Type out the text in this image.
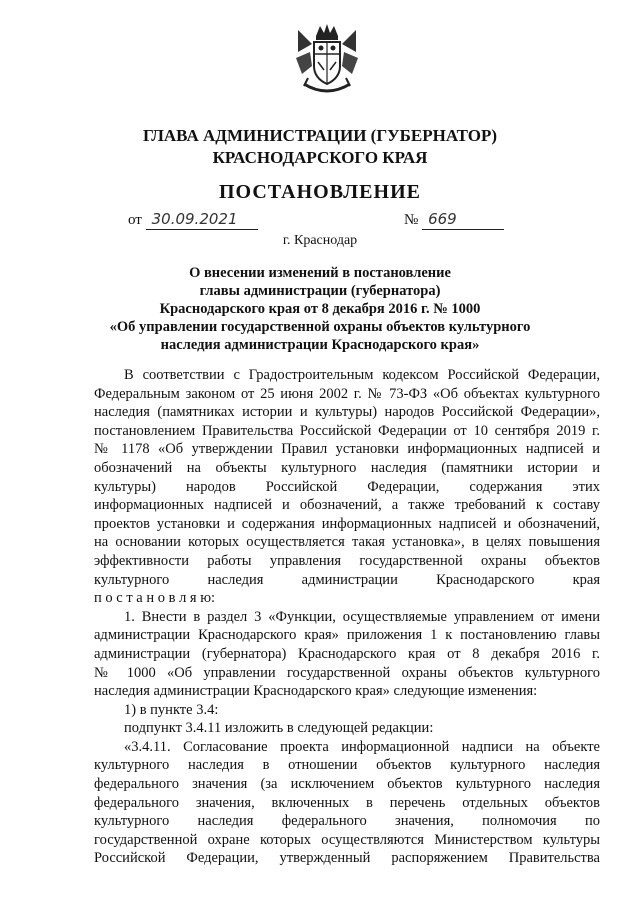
ГЛАВА АДМИНИСТРАЦИИ (ГУБЕРНАТОР)
КРАСНОДАРСКОГО КРАЯ
ПОСТАНОВЛЕНИЕ
от 30.09.2021	№ 669
г. Краснодар
О внесении изменений в постановление
главы администрации (губернатора)
Краснодарского края от 8 декабря 2016 г. № 1000
«Об управлении государственной охраны объектов культурного
наследия администрации Краснодарского края»
В соответствии с Градостроительным кодексом Российской Федерации,
Федеральным законом от 25 июня 2002 г. № 73-ФЗ «Об объектах культурного
наследия (памятниках истории и культуры) народов Российской Федерации»,
постановлением Правительства Российской Федерации от 10 сентября 2019 г.
№ 1178 «Об утверждении Правил установки информационных надписей и
обозначений на объекты культурного наследия (памятники истории и
культуры) народов Российской Федерации, содержания этих
информационных надписей и обозначений, а также требований к составу
проектов установки и содержания информационных надписей и обозначений,
на основании которых осуществляется такая установка», в целях повышения
эффективности работы управления государственной охраны объектов
культурного наследия администрации Краснодарского края
п о с т а н о в л я ю:
1. Внести в раздел 3 «Функции, осуществляемые управлением от имени
администрации Краснодарского края» приложения 1 к постановлению главы
администрации (губернатора) Краснодарского края от 8 декабря 2016 г.
№ 1000 «Об управлении государственной охраны объектов культурного
наследия администрации Краснодарского края» следующие изменения:
1) в пункте 3.4:
подпункт 3.4.11 изложить в следующей редакции:
«3.4.11. Согласование проекта информационной надписи на объекте
культурного наследия в отношении объектов культурного наследия
федерального значения (за исключением объектов культурного наследия
федерального значения, включенных в перечень отдельных объектов
культурного наследия федерального значения, полномочия по
государственной охране которых осуществляются Министерством культуры
Российской Федерации, утвержденный распоряжением Правительства
